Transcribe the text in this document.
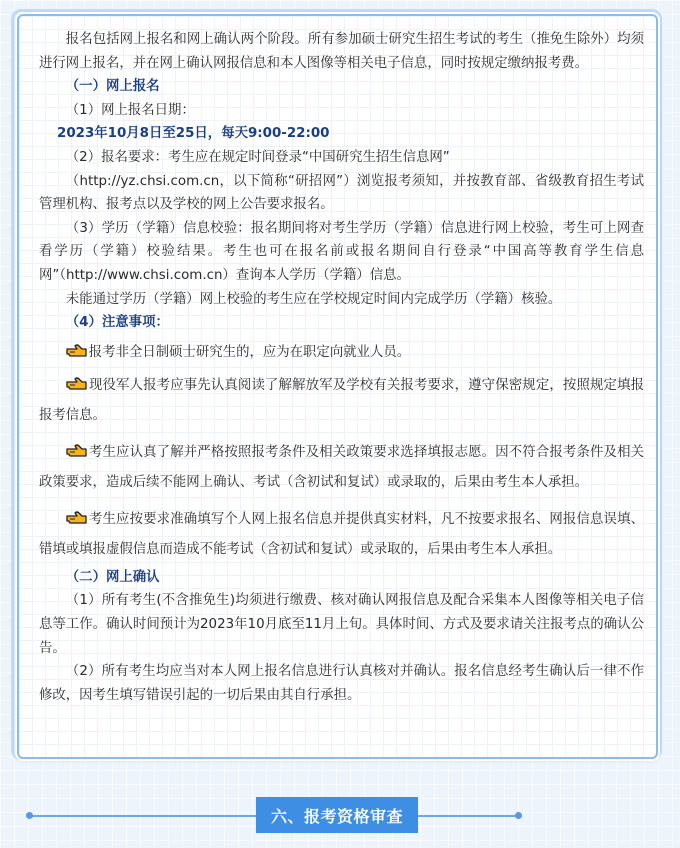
报名包括网上报名和网上确认两个阶段。所有参加硕士研究生招生考试的考生（推免生除外）均须进行网上报名，并在网上确认网报信息和本人图像等相关电子信息，同时按规定缴纳报考费。

（一）网上报名

（1）网上报名日期：

2023年10月8日至25日，每天9:00-22:00

（2）报名要求：考生应在规定时间登录“中国研究生招生信息网”

（http://yz.chsi.com.cn，以下简称“研招网”）浏览报考须知，并按教育部、省级教育招生考试管理机构、报考点以及学校的网上公告要求报名。

（3）学历（学籍）信息校验：报名期间将对考生学历（学籍）信息进行网上校验，考生可上网查看学历（学籍）校验结果。考生也可在报名前或报名期间自行登录“中国高等教育学生信息网”（http://www.chsi.com.cn）查询本人学历（学籍）信息。

未能通过学历（学籍）网上校验的考生应在学校规定时间内完成学历（学籍）核验。

（4）注意事项：

报考非全日制硕士研究生的，应为在职定向就业人员。

现役军人报考应事先认真阅读了解解放军及学校有关报考要求，遵守保密规定，按照规定填报报考信息。

考生应认真了解并严格按照报考条件及相关政策要求选择填报志愿。因不符合报考条件及相关政策要求，造成后续不能网上确认、考试（含初试和复试）或录取的，后果由考生本人承担。

考生应按要求准确填写个人网上报名信息并提供真实材料，凡不按要求报名、网报信息误填、错填或填报虚假信息而造成不能考试（含初试和复试）或录取的，后果由考生本人承担。

（二）网上确认

（1）所有考生(不含推免生)均须进行缴费、核对确认网报信息及配合采集本人图像等相关电子信息等工作。确认时间预计为2023年10月底至11月上旬。具体时间、方式及要求请关注报考点的确认公告。

（2）所有考生均应当对本人网上报名信息进行认真核对并确认。报名信息经考生确认后一律不作修改，因考生填写错误引起的一切后果由其自行承担。

六、报考资格审查
